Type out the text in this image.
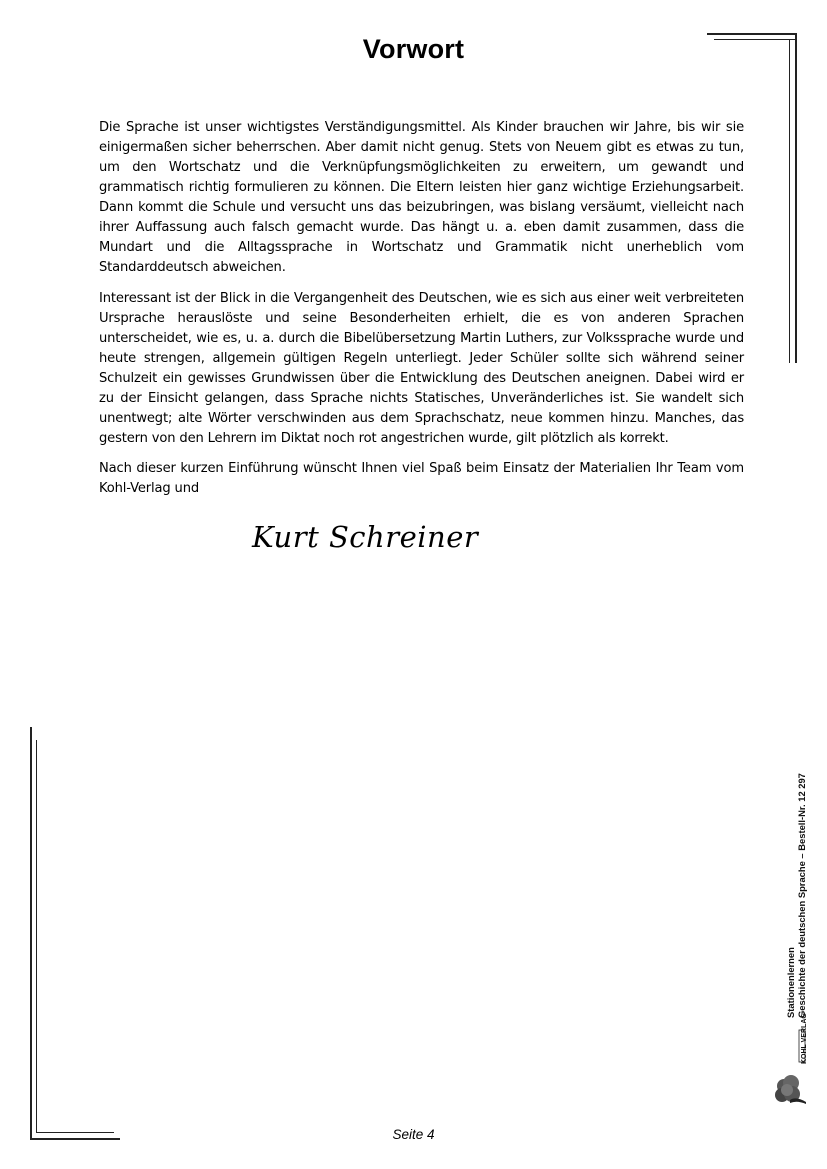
Vorwort

Die Sprache ist unser wichtigstes Verständigungsmittel. Als Kinder brauchen wir Jahre, bis wir sie einigermaßen sicher beherrschen. Aber damit nicht genug. Stets von Neuem gibt es etwas zu tun, um den Wortschatz und die Verknüpfungsmöglichkeiten zu erweitern, um gewandt und grammatisch richtig formulieren zu können. Die Eltern leisten hier ganz wichtige Erziehungsarbeit. Dann kommt die Schule und versucht uns das beizubringen, was bislang versäumt, vielleicht nach ihrer Auffassung auch falsch gemacht wurde. Das hängt u. a. eben damit zusammen, dass die Mundart und die Alltagssprache in Wortschatz und Grammatik nicht unerheblich vom Standarddeutsch abweichen.

Interessant ist der Blick in die Vergangenheit des Deutschen, wie es sich aus einer weit verbreiteten Ursprache herauslöste und seine Besonderheiten erhielt, die es von anderen Sprachen unterscheidet, wie es, u. a. durch die Bibelübersetzung Martin Luthers, zur Volkssprache wurde und heute strengen, allgemein gültigen Regeln unterliegt. Jeder Schüler sollte sich während seiner Schulzeit ein gewisses Grundwissen über die Entwicklung des Deutschen aneignen. Dabei wird er zu der Einsicht gelangen, dass Sprache nichts Statisches, Unveränderliches ist. Sie wandelt sich unentwegt; alte Wörter verschwinden aus dem Sprachschatz, neue kommen hinzu. Manches, das gestern von den Lehrern im Diktat noch rot angestrichen wurde, gilt plötzlich als korrekt.

Nach dieser kurzen Einführung wünscht Ihnen viel Spaß beim Einsatz der Materialien Ihr Team vom Kohl-Verlag und

Kurt Schreiner
Stationenlernen Geschichte der deutschen Sprache – Bestell-Nr. 12 297
KOHL VERLAG
Seite 4
